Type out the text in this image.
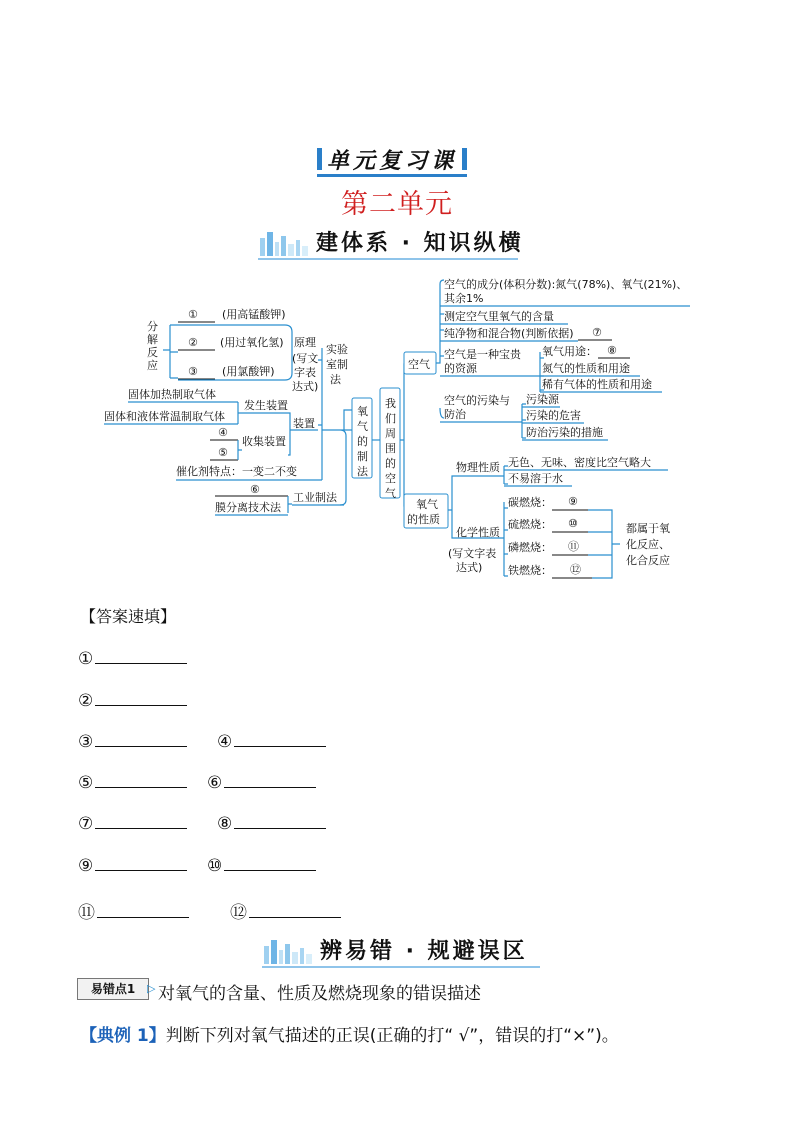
单元复习课
第二单元
建体系 · 知识纵横
分
解
反
应
① (用高锰酸钾)
② (用过氧化氢)
③ (用氯酸钾)
原理
(写文
字表
达式)
实验
室制
法
固体加热制取气体
固体和液体常温制取气体
发生装置
④
⑤
收集装置
装置
催化剂特点：一变二不变
⑥
膜分离技术法
工业制法
氧
气
的
制
法
我
们
周
围
的
空
气
空气
空气的成分(体积分数):氮气(78%)、氧气(21%)、
其余1%
测定空气里氧气的含量
纯净物和混合物(判断依据) ⑦
空气是一种宝贵
的资源
氧气用途： ⑧
氮气的性质和用途
稀有气体的性质和用途
空气的污染与
防治
污染源
污染的危害
防治污染的措施
氧气
的性质
物理性质 无色、无味、密度比空气略大
不易溶于水
化学性质
(写文字表
达式)
碳燃烧： ⑨
硫燃烧： ⑩
磷燃烧： ⑪
铁燃烧： ⑫
都属于氧
化反应、
化合反应
【答案速填】
①
②
③	④
⑤	⑥
⑦	⑧
⑨	⑩
⑪	⑫
辨易错 · 规避误区
易错点1	▷ 对氧气的含量、性质及燃烧现象的错误描述
【典例 1】判断下列对氧气描述的正误(正确的打“ √”，错误的打“×”)。
